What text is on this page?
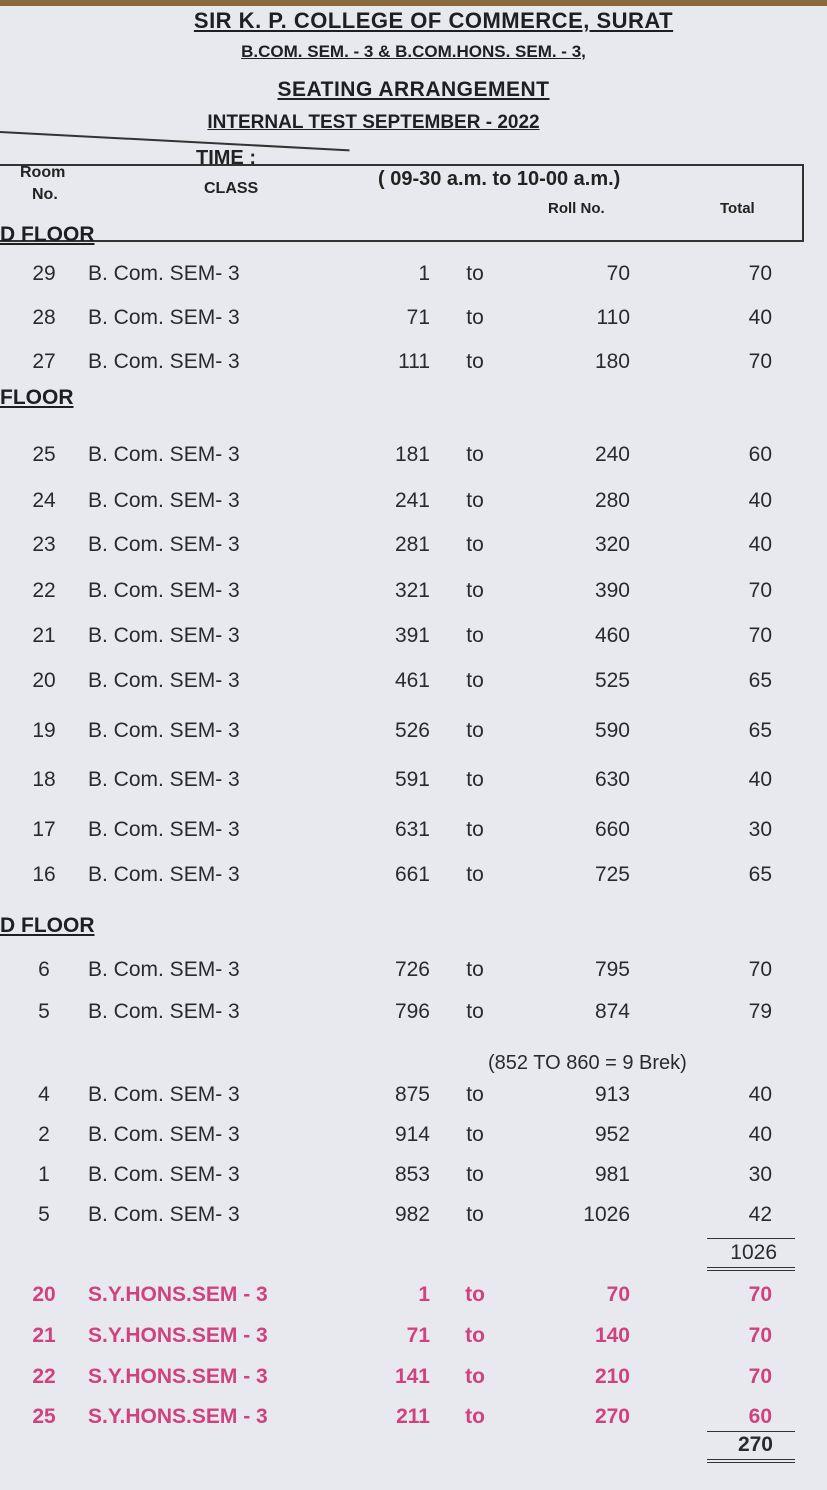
SIR K. P. COLLEGE OF COMMERCE, SURAT
B.COM. SEM. - 3 & B.COM.HONS. SEM. - 3,
SEATING ARRANGEMENT
INTERNAL TEST SEPTEMBER - 2022
Room
No.
TIME :
CLASS	( 09-30 a.m. to 10-00 a.m.)
Roll No.	Total
D FLOOR
FLOOR
D FLOOR
29	B. Com. SEM- 3	1	to	70	70
28	B. Com. SEM- 3	71	to	110	40
27	B. Com. SEM- 3	111	to	180	70
25	B. Com. SEM- 3	181	to	240	60
24	B. Com. SEM- 3	241	to	280	40
23	B. Com. SEM- 3	281	to	320	40
22	B. Com. SEM- 3	321	to	390	70
21	B. Com. SEM- 3	391	to	460	70
20	B. Com. SEM- 3	461	to	525	65
19	B. Com. SEM- 3	526	to	590	65
18	B. Com. SEM- 3	591	to	630	40
17	B. Com. SEM- 3	631	to	660	30
16	B. Com. SEM- 3	661	to	725	65
6	B. Com. SEM- 3	726	to	795	70
5	B. Com. SEM- 3	796	to	874	79
4	B. Com. SEM- 3	875	to	913	40
2	B. Com. SEM- 3	914	to	952	40
1	B. Com. SEM- 3	853	to	981	30
5	B. Com. SEM- 3	982	to	1026	42
20	S.Y.HONS.SEM - 3	1	to	70	70
21	S.Y.HONS.SEM - 3	71	to	140	70
22	S.Y.HONS.SEM - 3	141	to	210	70
25	S.Y.HONS.SEM - 3	211	to	270	60
(852 TO 860 = 9 Brek)
1026
270
